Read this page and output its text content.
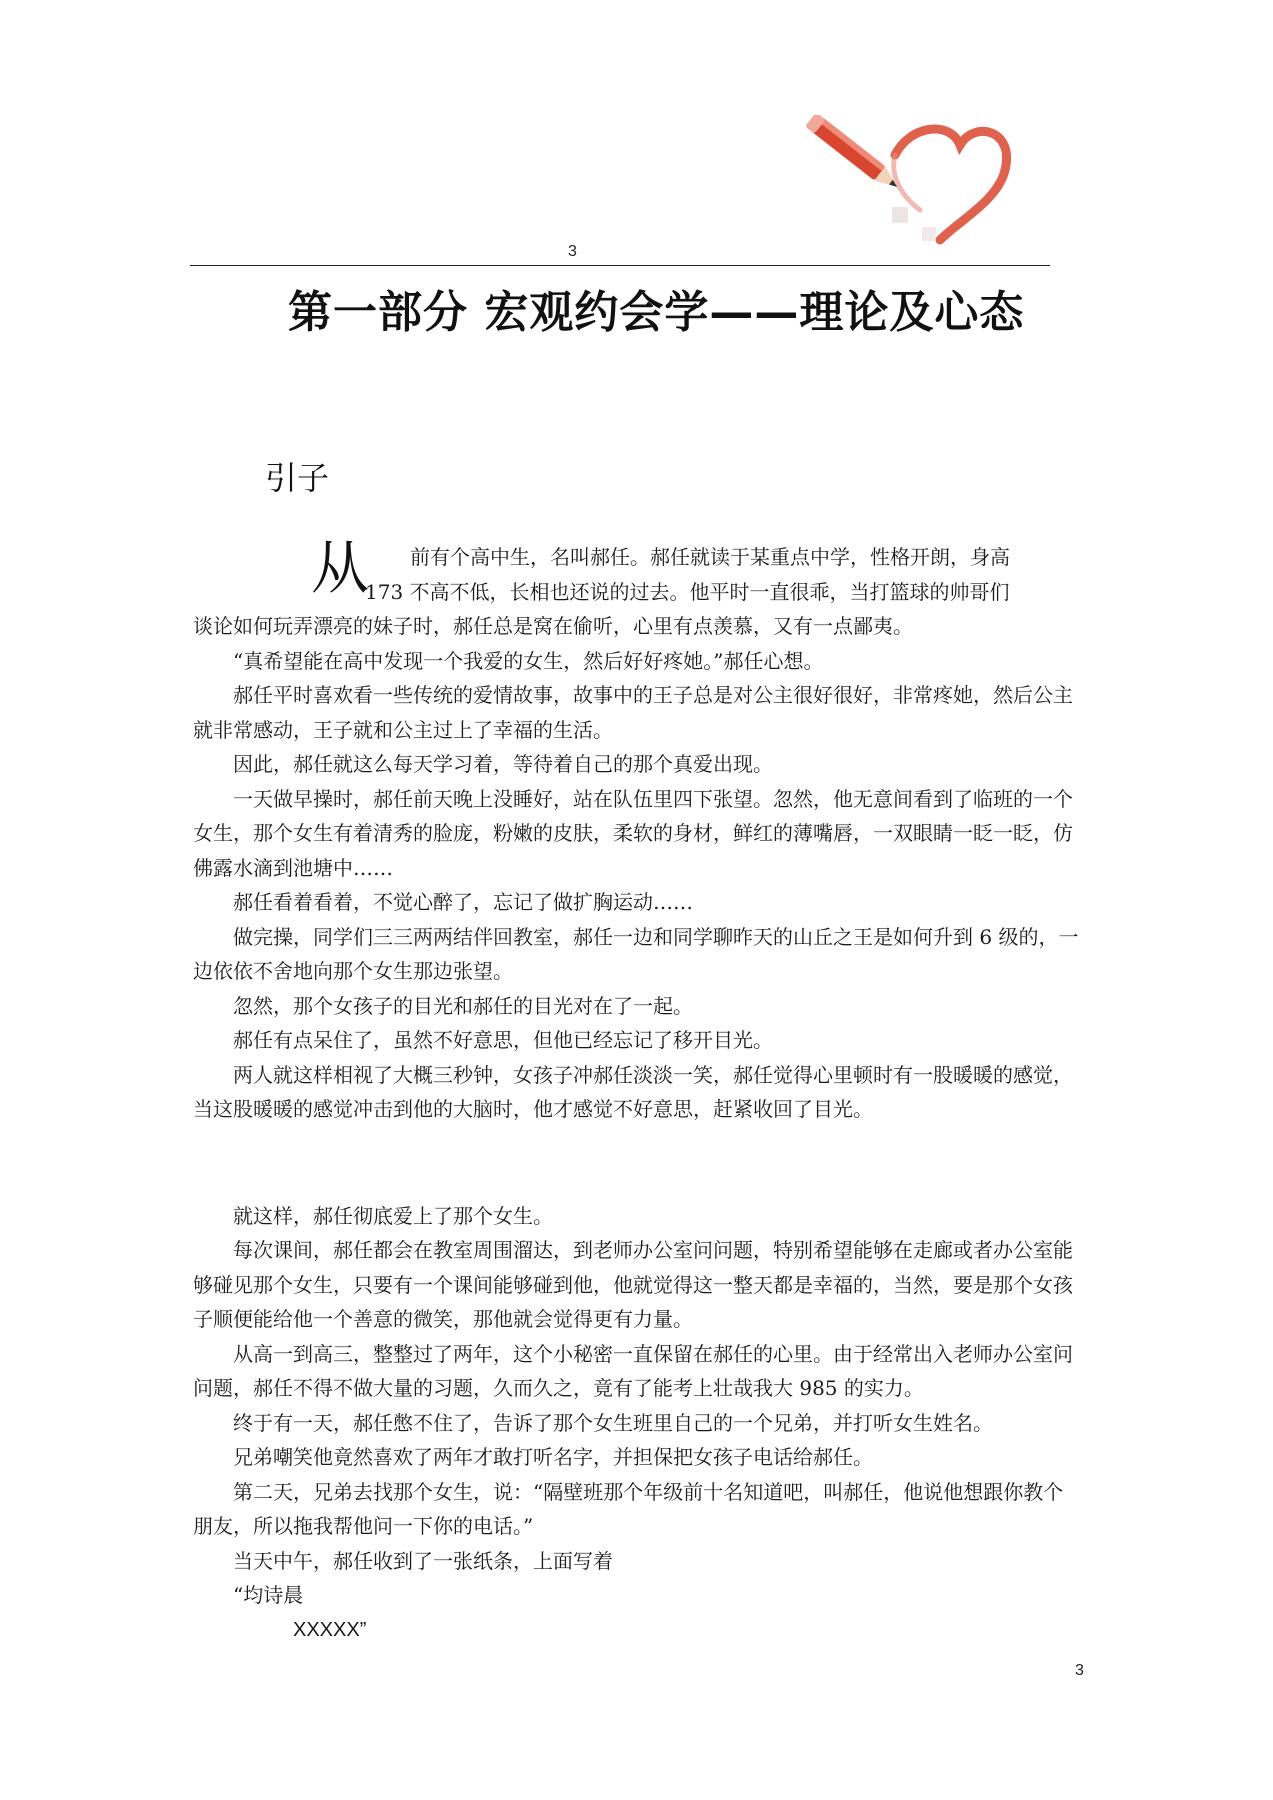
3
第一部分 宏观约会学——理论及心态
引子
从	前有个高中生，名叫郝任。郝任就读于某重点中学，性格开朗，身高
173 不高不低，长相也还说的过去。他平时一直很乖，当打篮球的帅哥们
谈论如何玩弄漂亮的妹子时，郝任总是窝在偷听，心里有点羡慕，又有一点鄙夷。

“真希望能在高中发现一个我爱的女生，然后好好疼她。”郝任心想。

郝任平时喜欢看一些传统的爱情故事，故事中的王子总是对公主很好很好，非常疼她，然后公主就非常感动，王子就和公主过上了幸福的生活。

因此，郝任就这么每天学习着，等待着自己的那个真爱出现。

一天做早操时，郝任前天晚上没睡好，站在队伍里四下张望。忽然，他无意间看到了临班的一个女生，那个女生有着清秀的脸庞，粉嫩的皮肤，柔软的身材，鲜红的薄嘴唇，一双眼睛一眨一眨，仿佛露水滴到池塘中……

郝任看着看着，不觉心醉了，忘记了做扩胸运动……

做完操，同学们三三两两结伴回教室，郝任一边和同学聊昨天的山丘之王是如何升到 6 级的，一边依依不舍地向那个女生那边张望。

忽然，那个女孩子的目光和郝任的目光对在了一起。

郝任有点呆住了，虽然不好意思，但他已经忘记了移开目光。

两人就这样相视了大概三秒钟，女孩子冲郝任淡淡一笑，郝任觉得心里顿时有一股暖暖的感觉，当这股暖暖的感觉冲击到他的大脑时，他才感觉不好意思，赶紧收回了目光。

就这样，郝任彻底爱上了那个女生。

每次课间，郝任都会在教室周围溜达，到老师办公室问问题，特别希望能够在走廊或者办公室能够碰见那个女生，只要有一个课间能够碰到他，他就觉得这一整天都是幸福的，当然，要是那个女孩子顺便能给他一个善意的微笑，那他就会觉得更有力量。

从高一到高三，整整过了两年，这个小秘密一直保留在郝任的心里。由于经常出入老师办公室问问题，郝任不得不做大量的习题，久而久之，竟有了能考上壮哉我大 985 的实力。

终于有一天，郝任憋不住了，告诉了那个女生班里自己的一个兄弟，并打听女生姓名。

兄弟嘲笑他竟然喜欢了两年才敢打听名字，并担保把女孩子电话给郝任。

第二天，兄弟去找那个女生，说：“隔壁班那个年级前十名知道吧，叫郝任，他说他想跟你教个朋友，所以拖我帮他问一下你的电话。”

当天中午，郝任收到了一张纸条，上面写着

“均诗晨

XXXXX”

3
